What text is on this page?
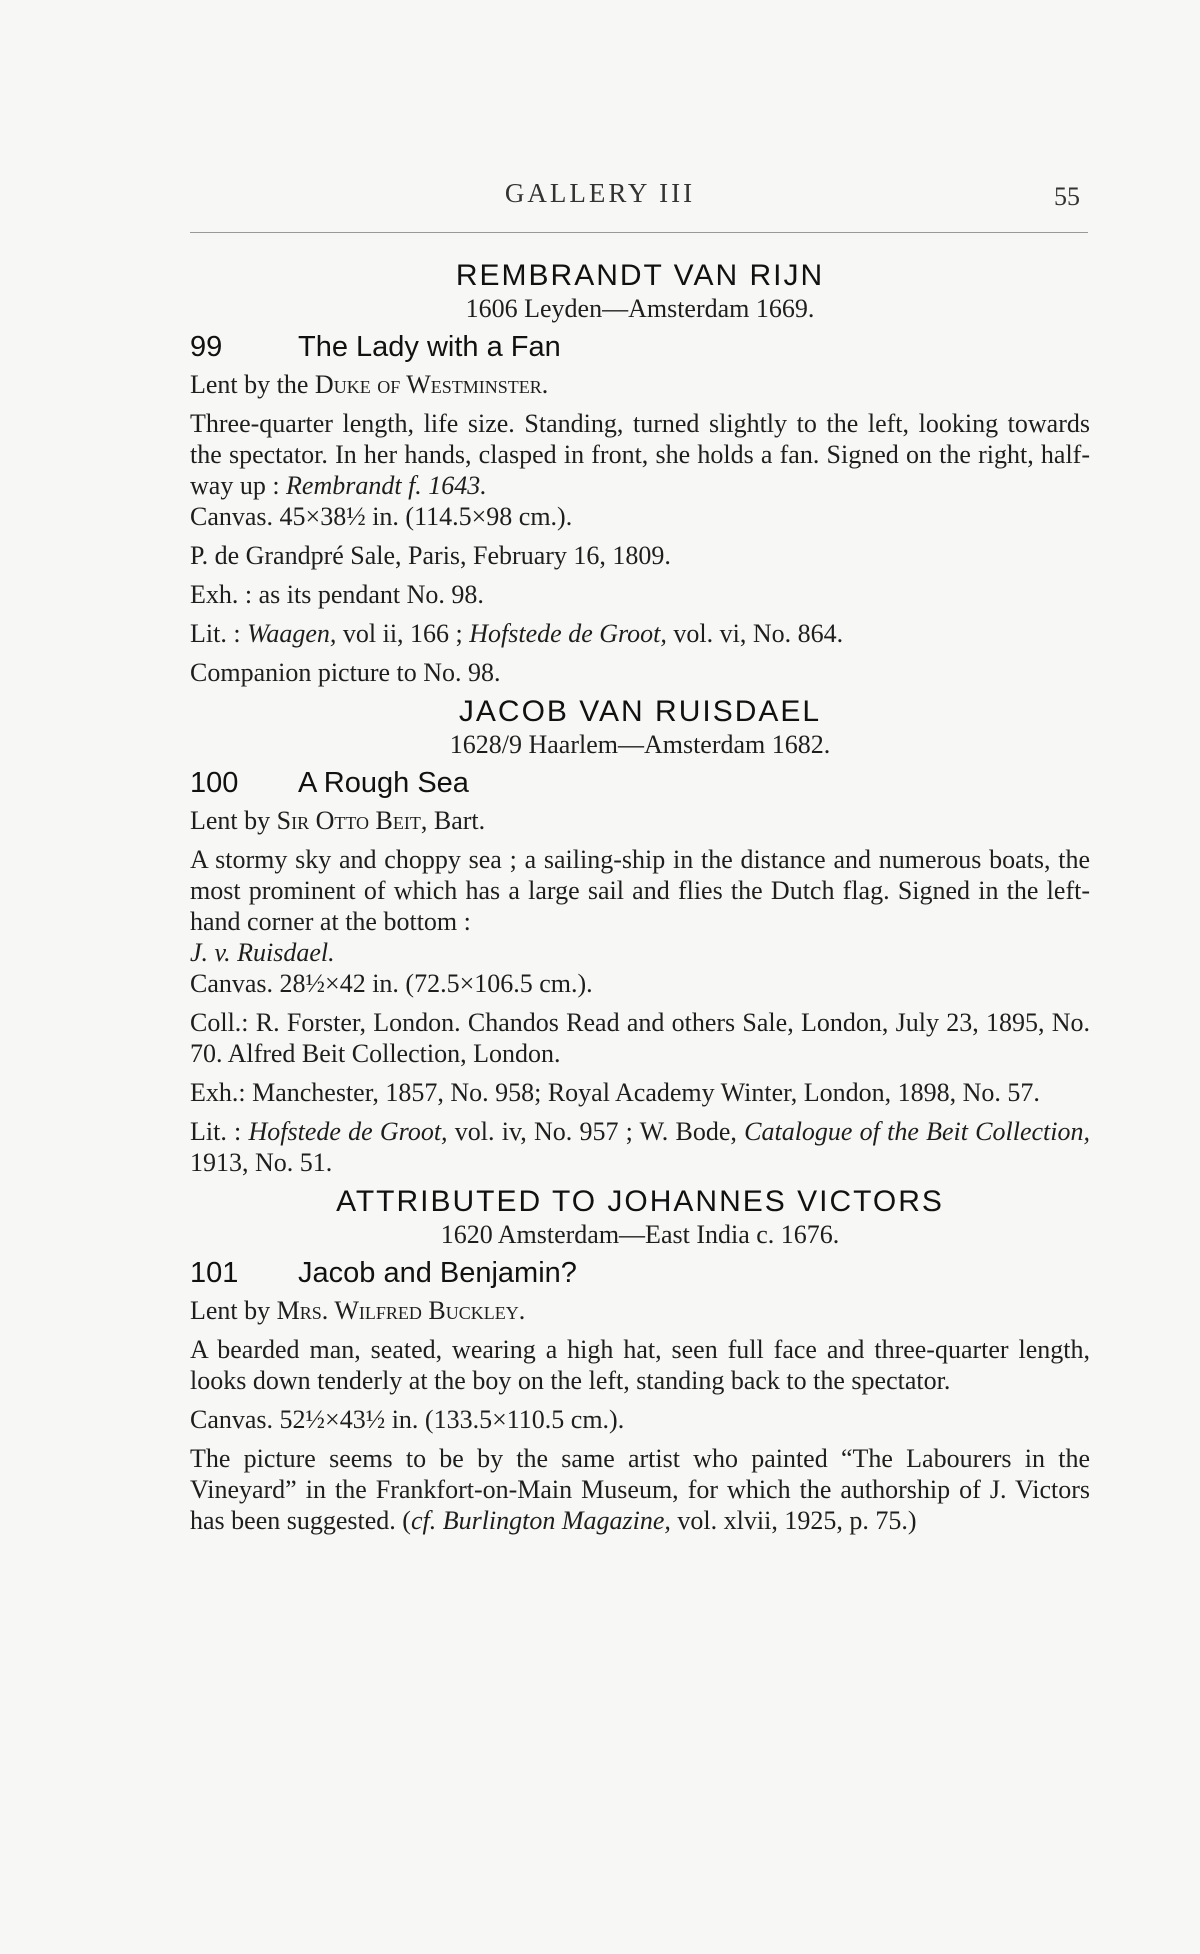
GALLERY III	55
REMBRANDT VAN RIJN
1606 Leyden—Amsterdam 1669.
99	The Lady with a Fan
Lent by the Duke of Westminster.
Three-quarter length, life size. Standing, turned slightly to the left, looking towards the spectator. In her hands, clasped in front, she holds a fan. Signed on the right, half-way up : Rembrandt f. 1643.
Canvas. 45×38½ in. (114.5×98 cm.).
P. de Grandpré Sale, Paris, February 16, 1809.
Exh. : as its pendant No. 98.
Lit. : Waagen, vol ii, 166 ; Hofstede de Groot, vol. vi, No. 864.
Companion picture to No. 98.
JACOB VAN RUISDAEL
1628/9 Haarlem—Amsterdam 1682.
100 A Rough Sea
Lent by Sir Otto Beit, Bart.
A stormy sky and choppy sea ; a sailing-ship in the distance and numerous boats, the most prominent of which has a large sail and flies the Dutch flag. Signed in the left-hand corner at the bottom :
J. v. Ruisdael.
Canvas. 28½×42 in. (72.5×106.5 cm.).
Coll.: R. Forster, London. Chandos Read and others Sale, London, July 23, 1895, No. 70. Alfred Beit Collection, London.
Exh.: Manchester, 1857, No. 958; Royal Academy Winter, London, 1898, No. 57.
Lit. : Hofstede de Groot, vol. iv, No. 957 ; W. Bode, Catalogue of the Beit Collection, 1913, No. 51.
ATTRIBUTED TO JOHANNES VICTORS
1620 Amsterdam—East India c. 1676.
101 Jacob and Benjamin?
Lent by Mrs. Wilfred Buckley.
A bearded man, seated, wearing a high hat, seen full face and three-quarter length, looks down tenderly at the boy on the left, standing back to the spectator.
Canvas. 52½×43½ in. (133.5×110.5 cm.).
The picture seems to be by the same artist who painted “The Labourers in the Vineyard” in the Frankfort-on-Main Museum, for which the authorship of J. Victors has been suggested. (cf. Burlington Magazine, vol. xlvii, 1925, p. 75.)
